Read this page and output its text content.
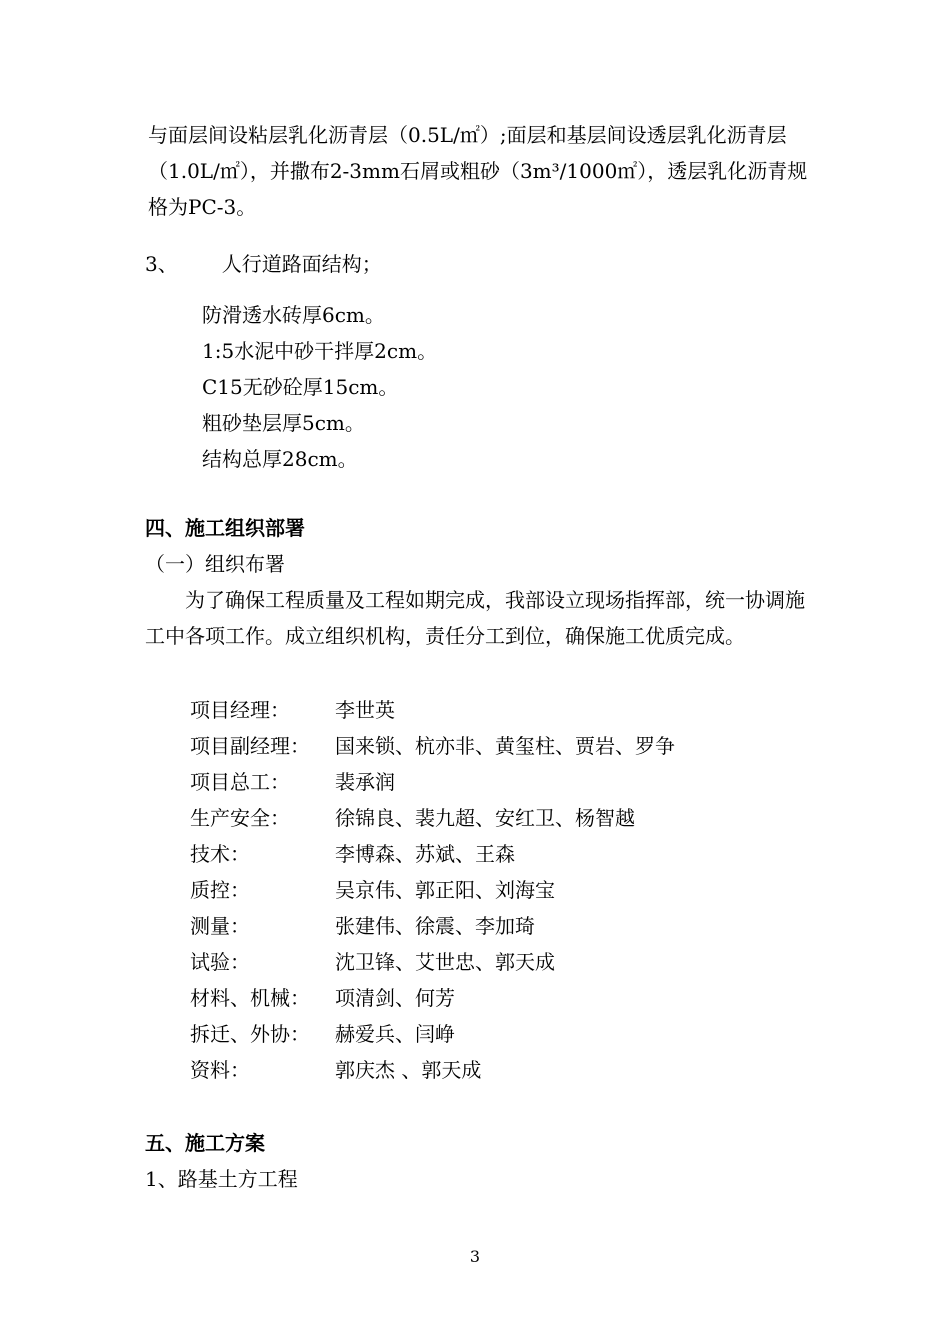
与面层间设粘层乳化沥青层（0.5L/㎡）;面层和基层间设透层乳化沥青层 （1.0L/㎡），并撒布2-3mm石屑或粗砂（3m³/1000㎡），透层乳化沥青规格为PC-3。

3、 人行道路面结构；
防滑透水砖厚6cm。
1:5水泥中砂干拌厚2cm。
C15无砂砼厚15cm。
粗砂垫层厚5cm。
结构总厚28cm。
四、施工组织部署
（一）组织布署

为了确保工程质量及工程如期完成，我部设立现场指挥部，统一协调施工中各项工作。成立组织机构，责任分工到位，确保施工优质完成。

项目经理： 李世英
项目副经理： 国来锁、杭亦非、黄玺柱、贾岩、罗争
项目总工： 裴承润
生产安全： 徐锦良、裴九超、安红卫、杨智越
技术：	李博森、苏斌、王森
质控：	吴京伟、郭正阳、刘海宝
测量：	张建伟、徐震、李加琦
试验：	沈卫锋、艾世忠、郭天成
材料、机械： 项清剑、何芳
拆迁、外协： 赫爱兵、闫峥
资料：	郭庆杰 、郭天成
五、施工方案
1、路基土方工程
3
